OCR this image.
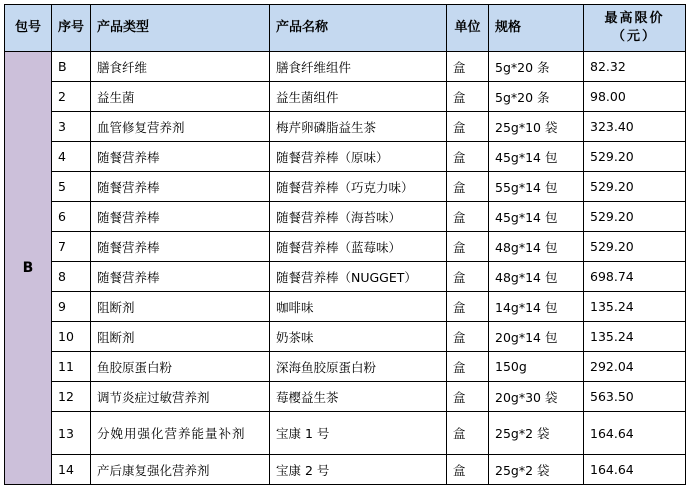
包号	序号	产品类型	产品名称	单位	规格	最高限价（元）
B	B	膳食纤维	膳食纤维组件	盒	5g*20 条	82.32
	2	益生菌	益生菌组件	盒	5g*20 条	98.00
	3	血管修复营养剂	梅芹卵磷脂益生茶	盒	25g*10 袋	323.40
	4	随餐营养棒	随餐营养棒（原味）	盒	45g*14 包	529.20
	5	随餐营养棒	随餐营养棒（巧克力味）	盒	55g*14 包	529.20
	6	随餐营养棒	随餐营养棒（海苔味）	盒	45g*14 包	529.20
	7	随餐营养棒	随餐营养棒（蓝莓味）	盒	48g*14 包	529.20
	8	随餐营养棒	随餐营养棒（NUGGET）	盒	48g*14 包	698.74
	9	阻断剂	咖啡味	盒	14g*14 包	135.24
	10	阻断剂	奶茶味	盒	20g*14 包	135.24
	11	鱼胶原蛋白粉	深海鱼胶原蛋白粉	盒	150g	292.04
	12	调节炎症过敏营养剂	莓樱益生茶	盒	20g*30 袋	563.50
	13	分娩用强化营养能量补剂	宝康 1 号	盒	25g*2 袋	164.64
	14	产后康复强化营养剂	宝康 2 号	盒	25g*2 袋	164.64
